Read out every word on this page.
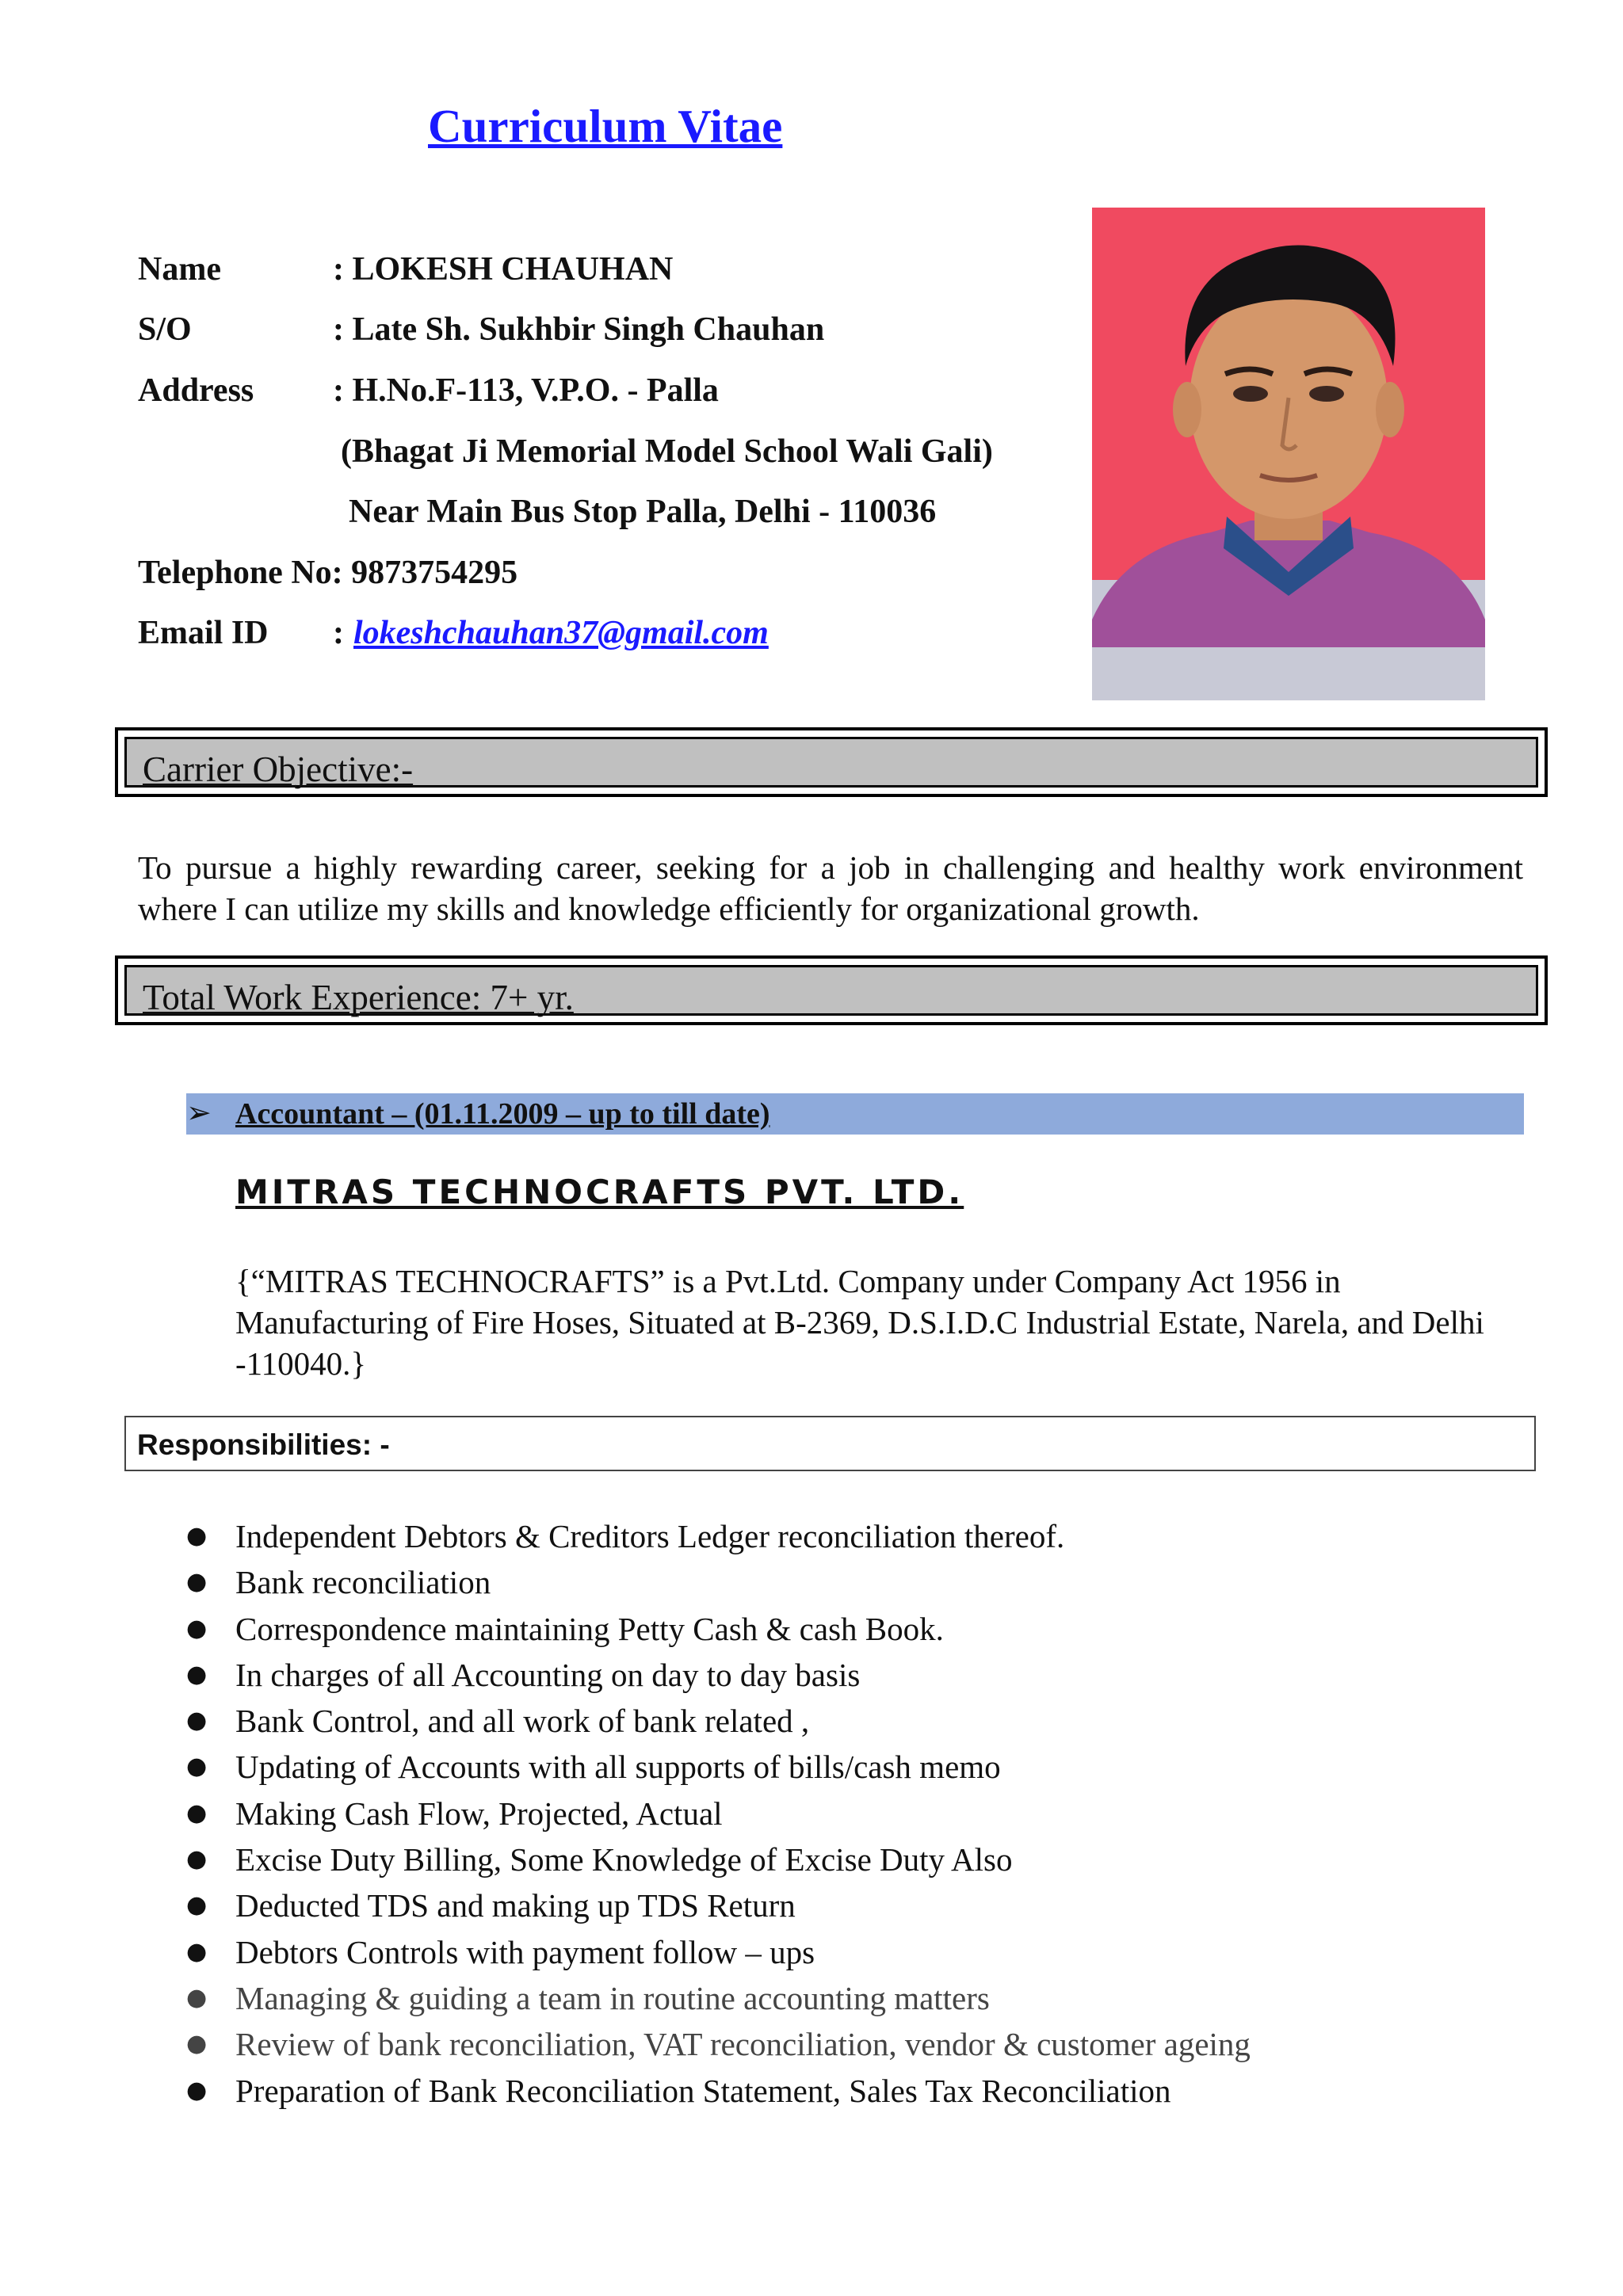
Curriculum Vitae
Name	: LOKESH CHAUHAN
S/O	: Late Sh. Sukhbir Singh Chauhan
Address : H.No.F-113, V.P.O. - Palla
(Bhagat Ji Memorial Model School Wali Gali)
Near Main Bus Stop Palla, Delhi - 110036
Telephone No: 9873754295
Email ID : lokeshchauhan37@gmail.com
Carrier Objective:-
To pursue a highly rewarding career, seeking for a job in challenging and healthy work environment where I can utilize my skills and knowledge efficiently for organizational growth.
Total Work Experience: 7+ yr.
➢ Accountant – (01.11.2009 – up to till date)
MITRAS TECHNOCRAFTS PVT. LTD.
{“MITRAS TECHNOCRAFTS” is a Pvt.Ltd. Company under Company Act 1956 in Manufacturing of Fire Hoses, Situated at B-2369, D.S.I.D.C Industrial Estate, Narela, and Delhi -110040.}
Responsibilities: -
● Independent Debtors & Creditors Ledger reconciliation thereof.
● Bank reconciliation
● Correspondence maintaining Petty Cash & cash Book.
● In charges of all Accounting on day to day basis
● Bank Control, and all work of bank related ,
● Updating of Accounts with all supports of bills/cash memo
● Making Cash Flow, Projected, Actual
● Excise Duty Billing, Some Knowledge of Excise Duty Also
● Deducted TDS and making up TDS Return
● Debtors Controls with payment follow – ups
● Managing & guiding a team in routine accounting matters
● Review of bank reconciliation, VAT reconciliation, vendor & customer ageing
● Preparation of Bank Reconciliation Statement, Sales Tax Reconciliation
